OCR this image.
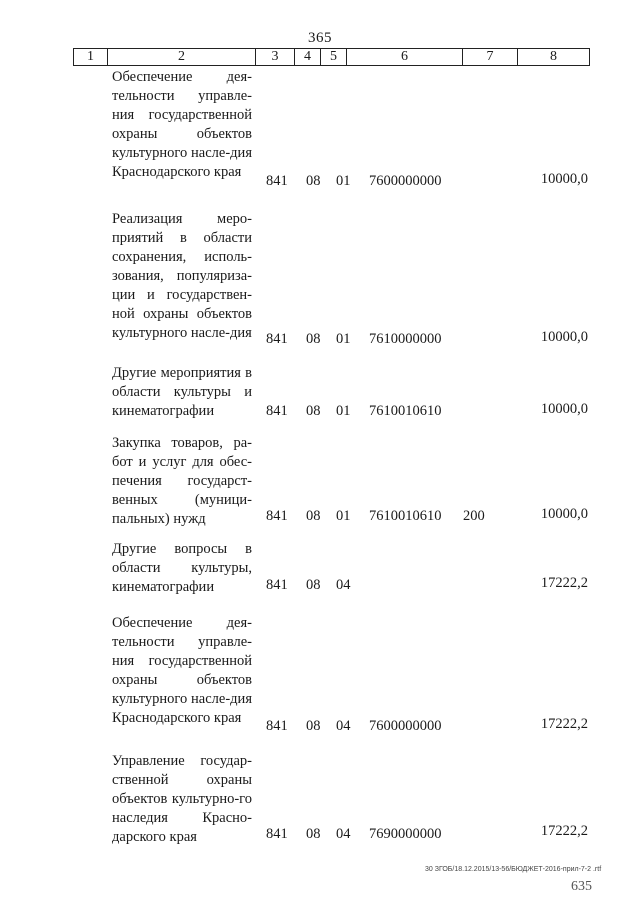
365
1	2	3	4	5	6	7	8

Обеспечение дея-тельности управле-ния государственной охраны объектов культурного насле-дия Краснодарского края

841 08 01 7600000000	10000,0

Реализация меро-приятий в области сохранения, исполь-зования, популяриза-ции и государствен-ной охраны объектов культурного насле-дия 841 08 01 7610000000	10000,0

Другие мероприятия в области культуры и кинематографии	841 08 01 7610010610	10000,0

Закупка товаров, ра-бот и услуг для обес-печения государст-венных (муници-пальных) нужд	841 08 01 7610010610 200	10000,0

Другие вопросы в области культуры, кинематографии	841 08 04	17222,2

Обеспечение дея-тельности управле-ния государственной охраны объектов культурного насле-дия Краснодарского края	841 08 04 7600000000	17222,2

Управление государ-ственной охраны объектов культурно-го наследия Красно-дарского края	841 08 04 7690000000	17222,2
30 ЗГОБ/18.12.2015/13-56/БЮДЖЕТ-2016-прил-7-2 .rtf
635
